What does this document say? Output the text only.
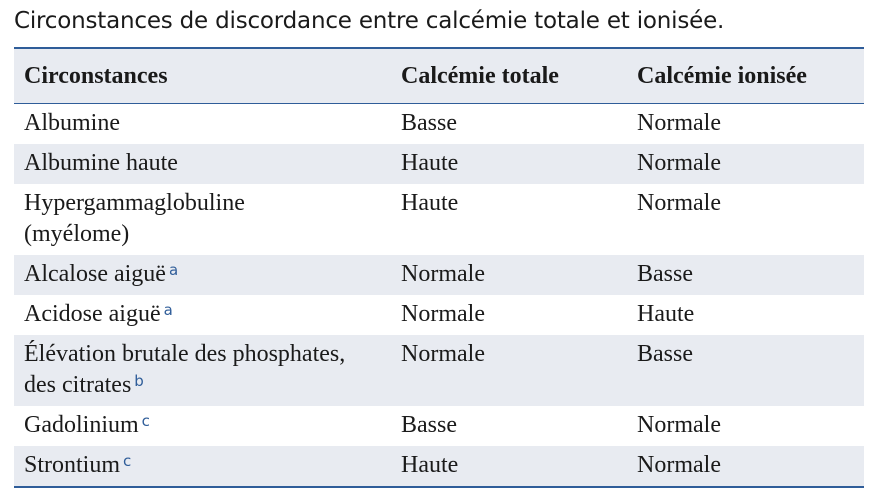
Circonstances de discordance entre calcémie totale et ionisée.
Circonstances	Calcémie totale	Calcémie ionisée
Albumine	Basse	Normale
Albumine haute	Haute	Normale
Hypergammaglobuline (myélome)	Haute	Normale
Alcalose aiguë $^a$	Normale	Basse
Acidose aiguë $^a$	Normale	Haute
Élévation brutale des phosphates, des citrates $^b$	Normale	Basse
Gadolinium $^c$	Basse	Normale
Strontium $^c$	Haute	Normale
